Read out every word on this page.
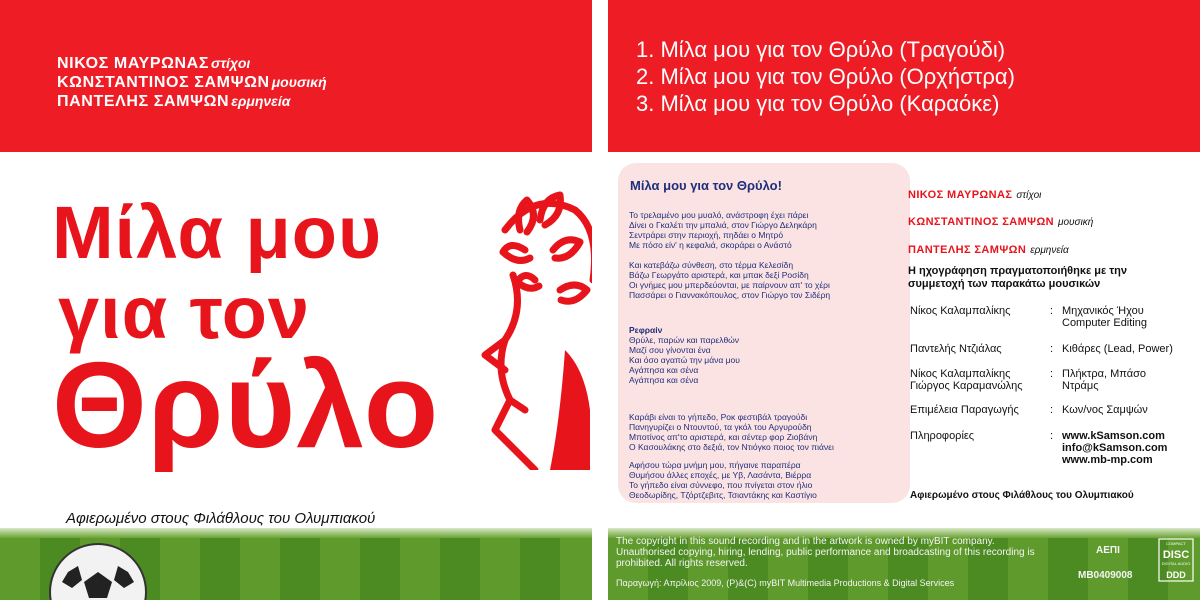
ΝΙΚΟΣ ΜΑΥΡΩΝΑΣ στίχοι
ΚΩΝΣΤΑΝΤΙΝΟΣ ΣΑΜΨΩΝ μουσική
ΠΑΝΤΕΛΗΣ ΣΑΜΨΩΝ ερμηνεία
Μίλα μου
για τον
Θρύλο
Αφιερωμένο στους Φιλάθλους του Ολυμπιακού
1. Μίλα μου για τον Θρύλο (Τραγούδι)
2. Μίλα μου για τον Θρύλο (Ορχήστρα)
3. Μίλα μου για τον Θρύλο (Καραόκε)
Μίλα μου για τον Θρύλο!
Το τρελαμένο μου μυαλό, ανάστροφη έχει πάρει
Δίνει ο Γκαλέτι την μπαλιά, στον Γιώργο Δεληκάρη
Σεντράρει στην περιοχή, πηδάει ο Μητρό
Με πόσο είν' η κεφαλιά, σκοράρει ο Ανάστό
Και κατεβάζω σύνθεση, στο τέρμα Κελεσίδη
Βάζω Γεωργάτο αριστερά, και μπακ δεξί Ροσίδη
Οι γνήμες μου μπερδεύονται, με παίρνουν απ' το χέρι
Πασσάρει ο Γιαννακόπουλος, στον Γιώργο τον Σιδέρη
Ρεφραίν
Θρύλε, παρών και παρελθών
Μαζί σου γίνονται ένα
Και όσο αγαπώ την μάνα μου
Αγάπησα και σένα
Αγάπησα και σένα
Καράβι είναι το γήπεδο, Ροκ φεστιβάλ τραγούδι
Πανηγυρίζει ο Ντουντού, τα γκόλ του Αργυρούδη
Μποτίνος απ'το αριστερά, και σέντερ φορ Ζιοβάνη
Ο Κασουλάκης στο δεξιά, τον Ντιόγκο ποιος τον πιάνει
Αφήσου τώρα μνήμη μου, πήγαινε παραπέρα
Θυμήσου άλλες εποχές, με Υβ, Λασάντα, Βιέρρα
Το γήπεδο είναι σύννεφο, που πνίγεται στον ήλιο
Θεοδωρίδης, Τζόρτζεβιτς, Τσιαντάκης και Καστίγιο
ΝΙΚΟΣ ΜΑΥΡΩΝΑΣ στίχοι
ΚΩΝΣΤΑΝΤΙΝΟΣ ΣΑΜΨΩΝ μουσική
ΠΑΝΤΕΛΗΣ ΣΑΜΨΩΝ ερμηνεία
Η ηχογράφηση πραγματοποιήθηκε με την
συμμετοχή των παρακάτω μουσικών
Νίκος Καλαμπαλίκης	: Μηχανικός Ήχου
Computer Editing
Παντελής Ντζιάλας	: Κιθάρες (Lead, Power)
Νίκος Καλαμπαλίκης
Γιώργος Καραμανώλης
: Πλήκτρα, Μπάσο
Ντράμς
Επιμέλεια Παραγωγής	: Κων/νος Σαμψών
Πληροφορίες	: www.kSamson.com
info@kSamson.com
www.mb-mp.com
Αφιερωμένο στους Φιλάθλους του Ολυμπιακού
The copyright in this sound recording and in the artwork is owned by myBIT company. Unauthorised copying, hiring, lending, public performance and broadcasting of this recording is prohibited. All rights reserved.
Παραγωγή: Απρίλιος 2009, (P)&(C) myBIT Multimedia Productions & Digital Services
ΑΕΠΙ
MB0409008
COMPACT
DISC
DIGITAL AUDIO
DDD
